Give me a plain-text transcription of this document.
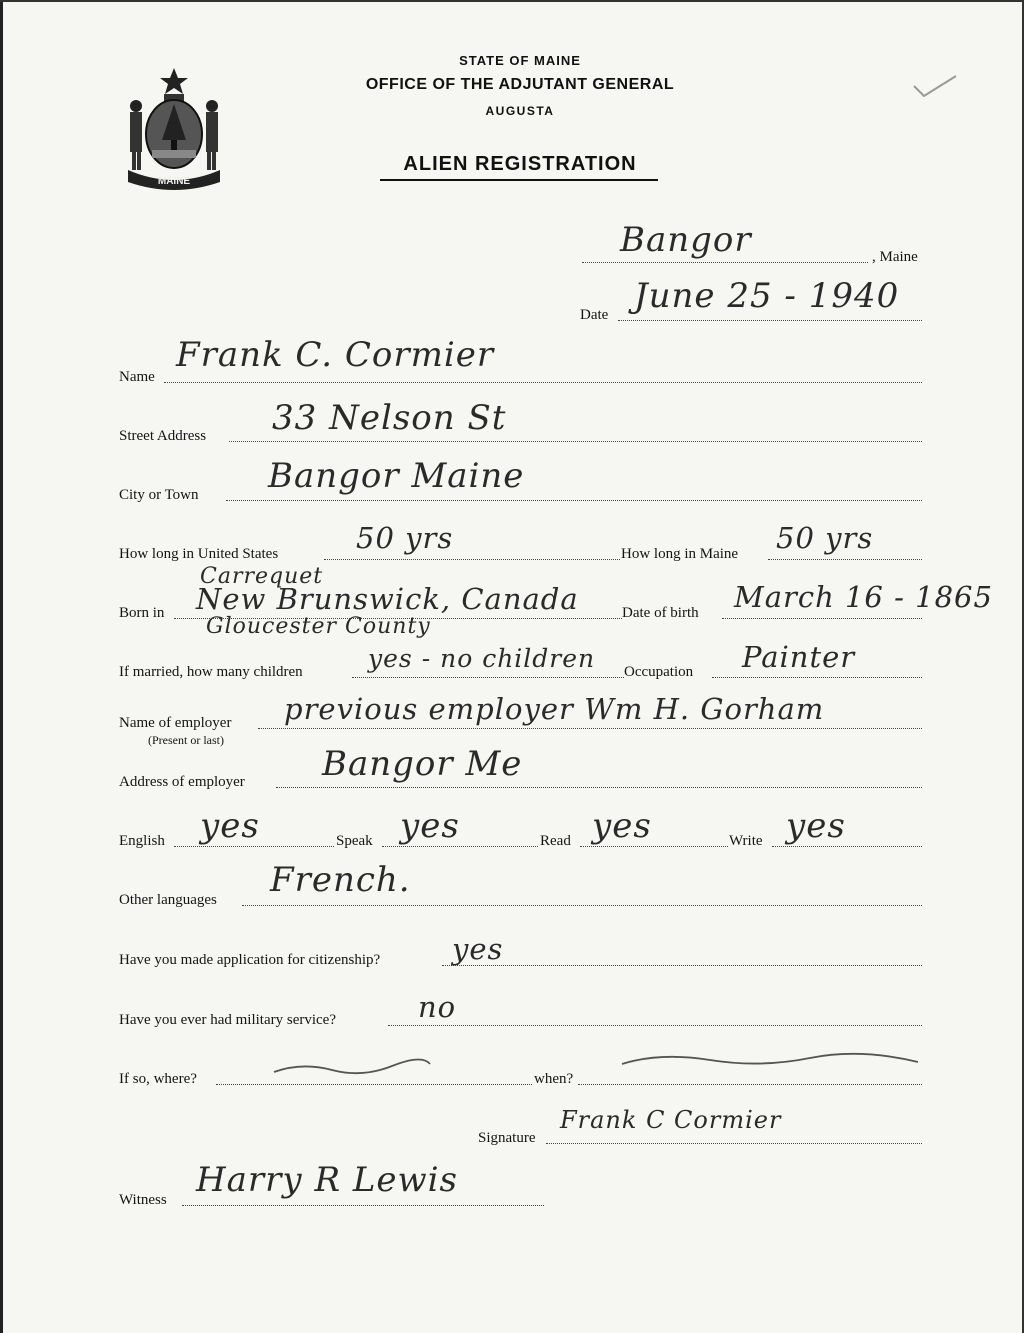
MAINE
STATE OF MAINE
OFFICE OF THE ADJUTANT GENERAL
AUGUSTA
ALIEN REGISTRATION
Bangor	, Maine
Date June 25 - 1940
Name
Frank C. Cormier
Street Address 33 Nelson St
City or Town Bangor Maine
How long in United States	50 yrs	How long in Maine 50 yrs
Carrequet
Born in New Brunswick, Canada
Gloucester County
Date of birth March 16 - 1865
If married, how many children	yes - no children Occupation Painter
Name of employer
(Present or last)
previous employer Wm H. Gorham
Address of employer Bangor Me
English yes	Speak yes	Read yes	Write yes
Other languages French.
Have you made application for citizenship? yes
Have you ever had military service?	no
If so, where?	when?
Signature
Frank C Cormier
Witness Harry R Lewis
